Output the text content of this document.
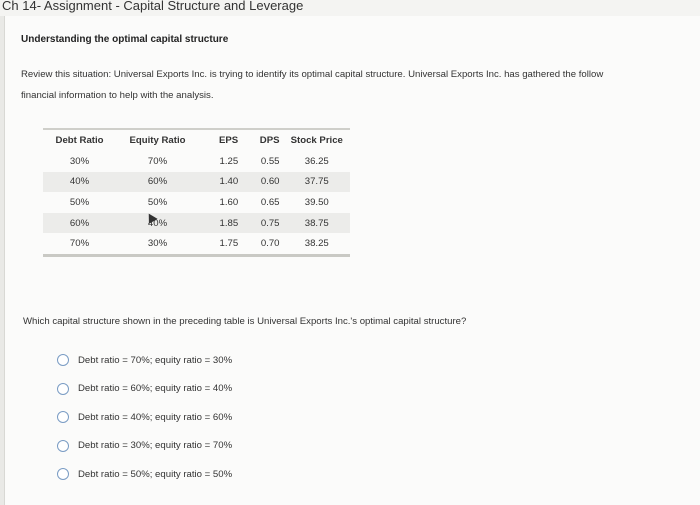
Ch 14- Assignment - Capital Structure and Leverage
Understanding the optimal capital structure
Review this situation: Universal Exports Inc. is trying to identify its optimal capital structure. Universal Exports Inc. has gathered the follow
financial information to help with the analysis.
Debt Ratio	Equity Ratio	EPS	DPS	Stock Price
30%	70%	1.25	0.55	36.25
40%	60%	1.40	0.60	37.75
50%	50%	1.60	0.65	39.50
60%	40%	1.85	0.75	38.75
70%	30%	1.75	0.70	38.25
Which capital structure shown in the preceding table is Universal Exports Inc.'s optimal capital structure?
Debt ratio = 70%; equity ratio = 30%
Debt ratio = 60%; equity ratio = 40%
Debt ratio = 40%; equity ratio = 60%
Debt ratio = 30%; equity ratio = 70%
Debt ratio = 50%; equity ratio = 50%
